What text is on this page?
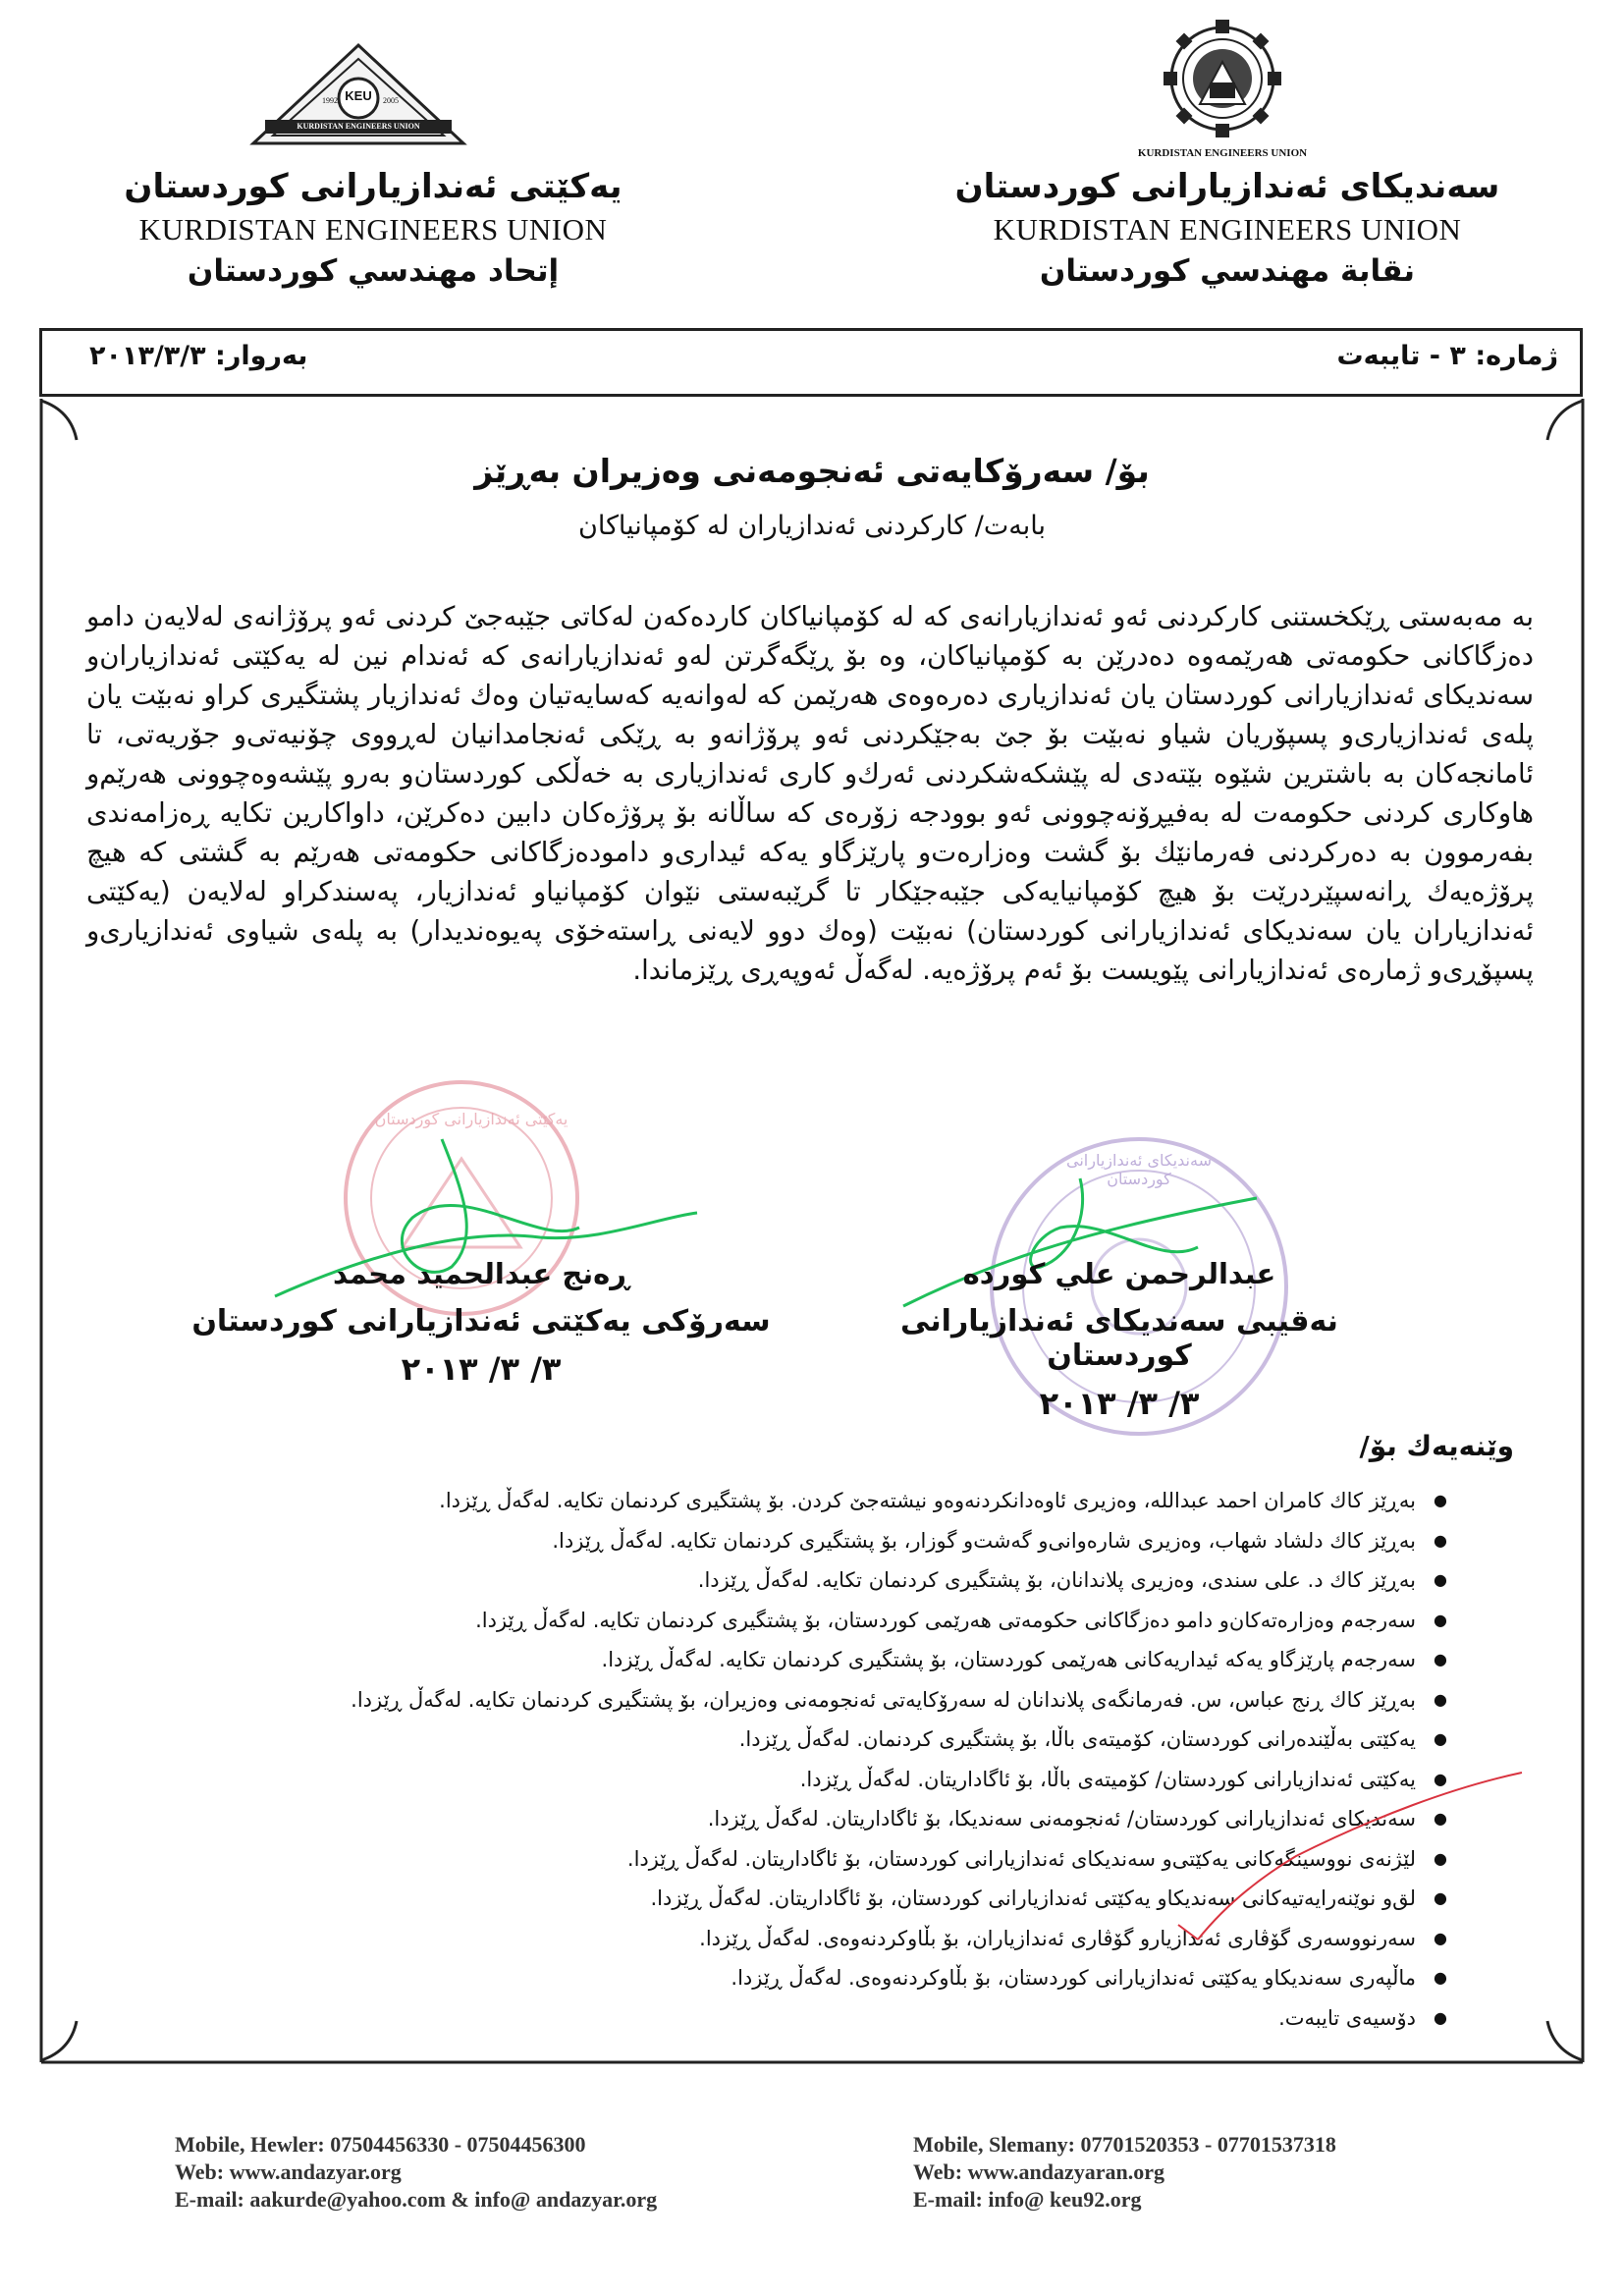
KURDISTAN ENGINEERS UNION
KURDISTAN ENGINEERS UNION
1992	2005
KEU
سەندیکای ئەندازیارانی کوردستان
KURDISTAN ENGINEERS UNION
نقابة مهندسي كوردستان
یەکێتی ئەندازیارانی کوردستان
KURDISTAN ENGINEERS UNION
إتحاد مهندسي كوردستان
ژمارە: ٣ - تایبەت
بەروار: ٢٠١٣/٣/٣
بۆ/ سەرۆکایەتی ئەنجومەنی وەزیران بەڕێز
بابەت/ کارکردنی ئەندازیاران لە کۆمپانیاکان
بە مەبەستی ڕێکخستنی کارکردنی ئەو ئەندازیارانەی کە لە کۆمپانیاکان کاردەکەن لەکاتی جێبەجێ کردنی ئەو پرۆژانەی لەلایەن دامو دەزگاکانی حکومەتی هەرێمەوە دەدرێن بە کۆمپانیاکان، وە بۆ ڕێگەگرتن لەو ئەندازیارانەی کە ئەندام نین لە یەکێتی ئەندازیاران‌و سەندیکای ئەندازیارانی کوردستان یان ئەندازیاری دەرەوەی هەرێمن کە لەوانەیە کەسایەتیان وەك ئەندازیار پشتگیری کراو نەبێت یان پلەی ئەندازیاری‌و پسپۆریان شیاو نەبێت بۆ جێ بەجێکردنی ئەو پرۆژانەو بە ڕێکی ئەنجامدانیان لەڕووی چۆنیەتی‌و جۆریەتی، تا ئامانجەکان بە باشترین شێوە بێتەدی لە پێشکەشکردنی ئەرك‌و کاری ئەندازیاری بە خەڵکی کوردستان‌و بەرو پێشەوەچوونی هەرێم‌و هاوکاری کردنی حکومەت لە بەفیڕۆنەچوونی ئەو بوودجە زۆرەی کە ساڵانە بۆ پرۆژەکان دابین دەکرێن، داواکارین تکایە ڕەزامەندی بفەرموون بە دەرکردنی فەرمانێك بۆ گشت وەزارەت‌و پارێزگاو یەکە ئیداری‌و دامودەزگاکانی حکومەتی هەرێم بە گشتی کە هیچ پرۆژەیەك ڕانەسپێردرێت بۆ هیچ کۆمپانیایەکی جێبەجێکار تا گرێبەستی نێوان کۆمپانیاو ئەندازیار، پەسندکراو لەلایەن (یەکێتی ئەندازیاران یان سەندیکای ئەندازیارانی کوردستان) نەبێت (وەك دوو لایەنی ڕاستەخۆی پەیوەندیدار) بە پلەی شیاوی ئەندازیاری‌و پسپۆڕی‌و ژمارەی ئەندازیارانی پێویست بۆ ئەم پرۆژەیە. لەگەڵ ئەوپەڕی ڕێزماندا.
یەکێتی ئەندازیارانی کوردستان
سەندیکای ئەندازیارانی کوردستان
عبدالرحمن علي كوردە
نەقیبی سەندیکای ئەندازیارانی کوردستان
٣/ ٣/ ٢٠١٣
ڕەنج عبدالحميد محمد
سەرۆکی یەکێتی ئەندازیارانی کوردستان
٣/ ٣/ ٢٠١٣
وێنەیەك بۆ/
● بەڕێز کاك کامران احمد عبدالله، وەزیری ئاوەدانکردنەوەو نیشتەجێ کردن. بۆ پشتگیری کردنمان تکایە. لەگەڵ ڕێزدا.
● بەڕێز کاك دلشاد شهاب، وەزیری شارەوانی‌و گەشت‌و گوزار، بۆ پشتگیری کردنمان تکایە. لەگەڵ ڕێزدا.
● بەڕێز کاك د. علی سندی، وەزیری پلاندانان، بۆ پشتگیری کردنمان تکایە. لەگەڵ ڕێزدا.
● سەرجەم وەزارەتەکان‌و دامو دەزگاکانی حکومەتی هەرێمی کوردستان، بۆ پشتگیری کردنمان تکایە. لەگەڵ ڕێزدا.
● سەرجەم پارێزگاو یەکە ئیداریەکانی هەرێمی کوردستان، بۆ پشتگیری کردنمان تکایە. لەگەڵ ڕێزدا.
● بەڕێز کاك ڕنج عباس، س. فەرمانگەی پلاندانان لە سەرۆکایەتی ئەنجومەنی وەزیران، بۆ پشتگیری کردنمان تکایە. لەگەڵ ڕێزدا.
● یەکێتی بەڵێندەرانی کوردستان، کۆمیتەی باڵا، بۆ پشتگیری کردنمان. لەگەڵ ڕێزدا.
● یەکێتی ئەندازیارانی کوردستان/ کۆمیتەی باڵا، بۆ ئاگاداریتان. لەگەڵ ڕێزدا.
● سەندیکای ئەندازیارانی کوردستان/ ئەنجومەنی سەندیکا، بۆ ئاگاداریتان. لەگەڵ ڕێزدا.
● لێژنەی نووسینگەکانی یەکێتی‌و سەندیکای ئەندازیارانی کوردستان، بۆ ئاگاداریتان. لەگەڵ ڕێزدا.
● لق‌و نوێنەرایەتیەکانی سەندیکاو یەکێتی ئەندازیارانی کوردستان، بۆ ئاگاداریتان. لەگەڵ ڕێزدا.
● سەرنووسەری گۆڤاری ئەندازیارو گۆڤاری ئەندازیاران، بۆ بڵاوکردنەوەی. لەگەڵ ڕێزدا.
● ماڵپەری سەندیکاو یەکێتی ئەندازیارانی کوردستان، بۆ بڵاوکردنەوەی. لەگەڵ ڕێزدا.
● دۆسیەی تایبەت.
Mobile, Hewler: 07504456330 - 07504456300
Web: www.andazyar.org
E-mail: aakurde@yahoo.com & info@ andazyar.org
Mobile, Slemany: 07701520353 - 07701537318
Web: www.andazyaran.org
E-mail: info@ keu92.org
